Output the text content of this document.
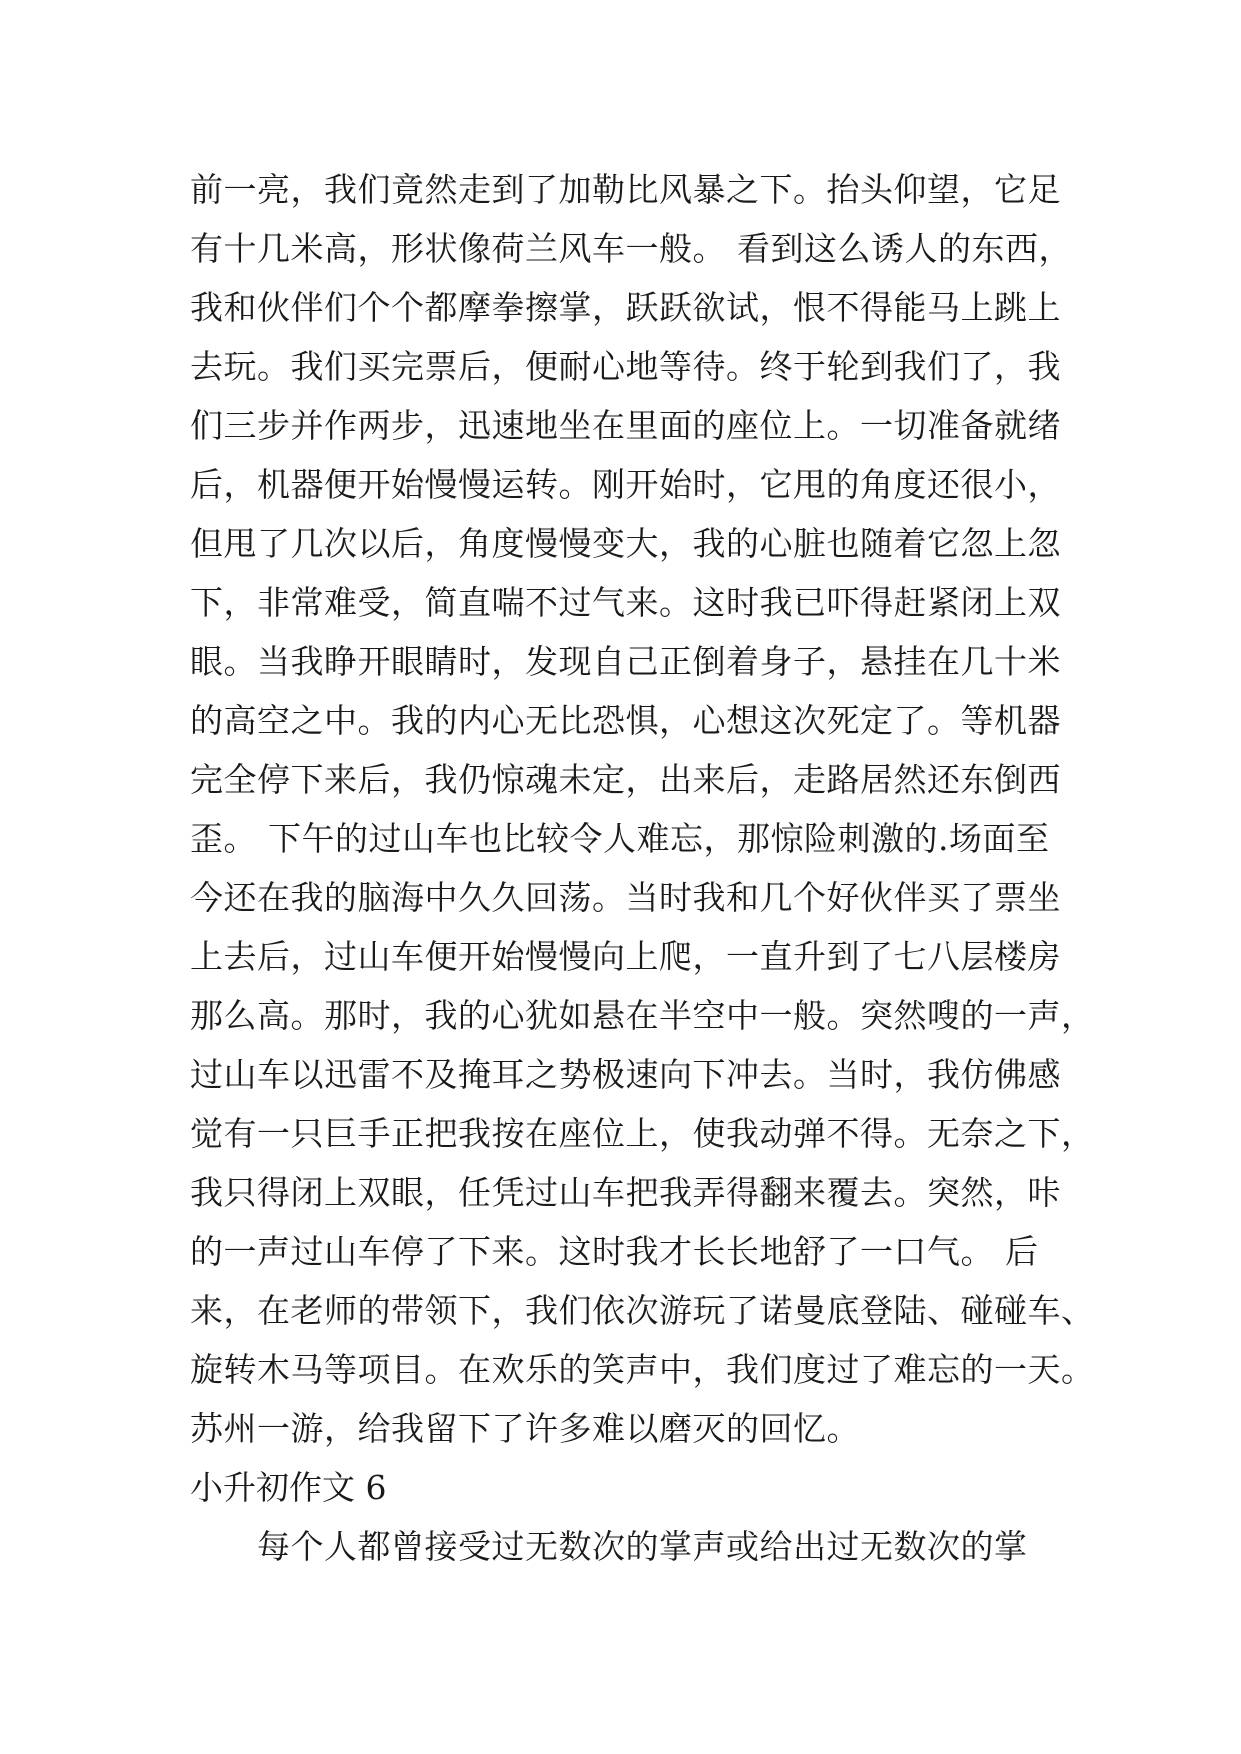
前一亮，我们竟然走到了加勒比风暴之下。抬头仰望，它足
有十几米高，形状像荷兰风车一般。 看到这么诱人的东西，
我和伙伴们个个都摩拳擦掌，跃跃欲试，恨不得能马上跳上
去玩。我们买完票后，便耐心地等待。终于轮到我们了，我
们三步并作两步，迅速地坐在里面的座位上。一切准备就绪
后，机器便开始慢慢运转。刚开始时，它甩的角度还很小，
但甩了几次以后，角度慢慢变大，我的心脏也随着它忽上忽
下，非常难受，简直喘不过气来。这时我已吓得赶紧闭上双
眼。当我睁开眼睛时，发现自己正倒着身子，悬挂在几十米
的高空之中。我的内心无比恐惧，心想这次死定了。等机器
完全停下来后，我仍惊魂未定，出来后，走路居然还东倒西
歪。 下午的过山车也比较令人难忘，那惊险刺激的.场面至
今还在我的脑海中久久回荡。当时我和几个好伙伴买了票坐
上去后，过山车便开始慢慢向上爬，一直升到了七八层楼房
那么高。那时，我的心犹如悬在半空中一般。突然嗖的一声，
过山车以迅雷不及掩耳之势极速向下冲去。当时，我仿佛感
觉有一只巨手正把我按在座位上，使我动弹不得。无奈之下，
我只得闭上双眼，任凭过山车把我弄得翻来覆去。突然，咔
的一声过山车停了下来。这时我才长长地舒了一口气。 后
来，在老师的带领下，我们依次游玩了诺曼底登陆、碰碰车、
旋转木马等项目。在欢乐的笑声中，我们度过了难忘的一天。
苏州一游，给我留下了许多难以磨灭的回忆。
小升初作文 6
　　每个人都曾接受过无数次的掌声或给出过无数次的掌
